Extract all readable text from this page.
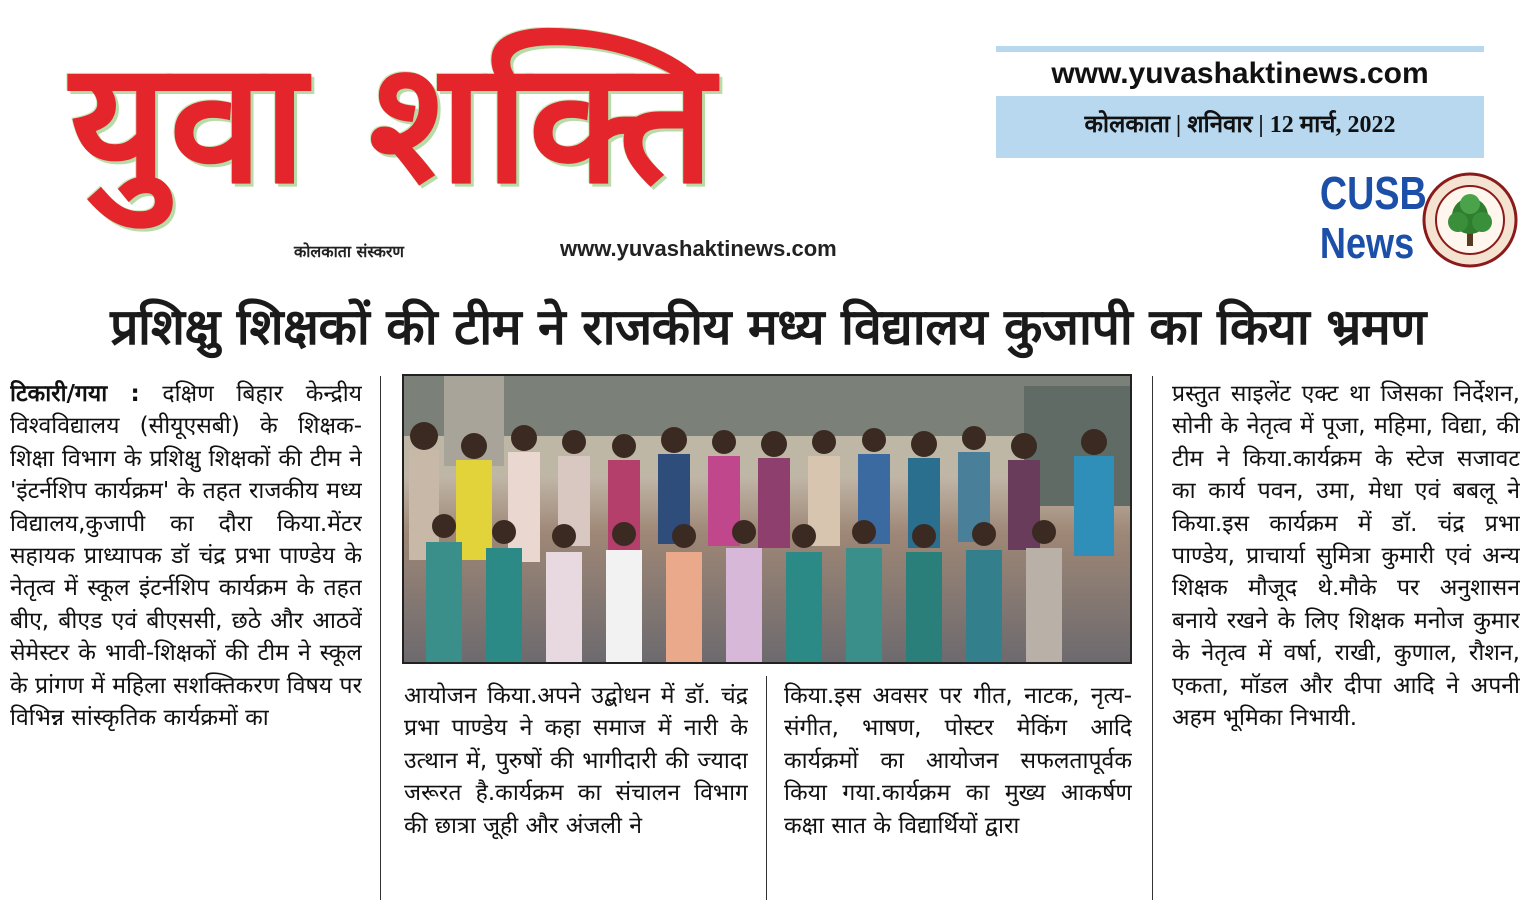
युवा शक्ति
कोलकाता संस्करण	www.yuvashaktinews.com
www.yuvashaktinews.com
कोलकाता | शनिवार | 12 मार्च, 2022
CUSB
News
प्रशिक्षु शिक्षकों की टीम ने राजकीय मध्य विद्यालय कुजापी का किया भ्रमण
टिकारी/गया : दक्षिण बिहार केन्द्रीय विश्वविद्यालय (सीयूएसबी) के शिक्षक-शिक्षा विभाग के प्रशिक्षु शिक्षकों की टीम ने 'इंटर्नशिप कार्यक्रम' के तहत राजकीय मध्य विद्यालय,कुजापी का दौरा किया.मेंटर सहायक प्राध्यापक डॉ चंद्र प्रभा पाण्डेय के नेतृत्व में स्कूल इंटर्नशिप कार्यक्रम के तहत बीए, बीएड एवं बीएससी, छठे और आठवें सेमेस्टर के भावी-शिक्षकों की टीम ने स्कूल के प्रांगण में महिला सशक्तिकरण विषय पर विभिन्न सांस्कृतिक कार्यक्रमों का
आयोजन किया.अपने उद्बोधन में डॉ. चंद्र प्रभा पाण्डेय ने कहा समाज में नारी के उत्थान में, पुरुषों की भागीदारी की ज्यादा जरूरत है.कार्यक्रम का संचालन विभाग की छात्रा जूही और अंजली ने
किया.इस अवसर पर गीत, नाटक, नृत्य-संगीत, भाषण, पोस्टर मेकिंग आदि कार्यक्रमों का आयोजन सफलतापूर्वक किया गया.कार्यक्रम का मुख्य आकर्षण कक्षा सात के विद्यार्थियों द्वारा
प्रस्तुत साइलेंट एक्ट था जिसका निर्देशन, सोनी के नेतृत्व में पूजा, महिमा, विद्या, की टीम ने किया.कार्यक्रम के स्टेज सजावट का कार्य पवन, उमा, मेधा एवं बबलू ने किया.इस कार्यक्रम में डॉ. चंद्र प्रभा पाण्डेय, प्राचार्या सुमित्रा कुमारी एवं अन्य शिक्षक मौजूद थे.मौके पर अनुशासन बनाये रखने के लिए शिक्षक मनोज कुमार के नेतृत्व में वर्षा, राखी, कुणाल, रौशन, एकता, मॉडल और दीपा आदि ने अपनी अहम भूमिका निभायी.
